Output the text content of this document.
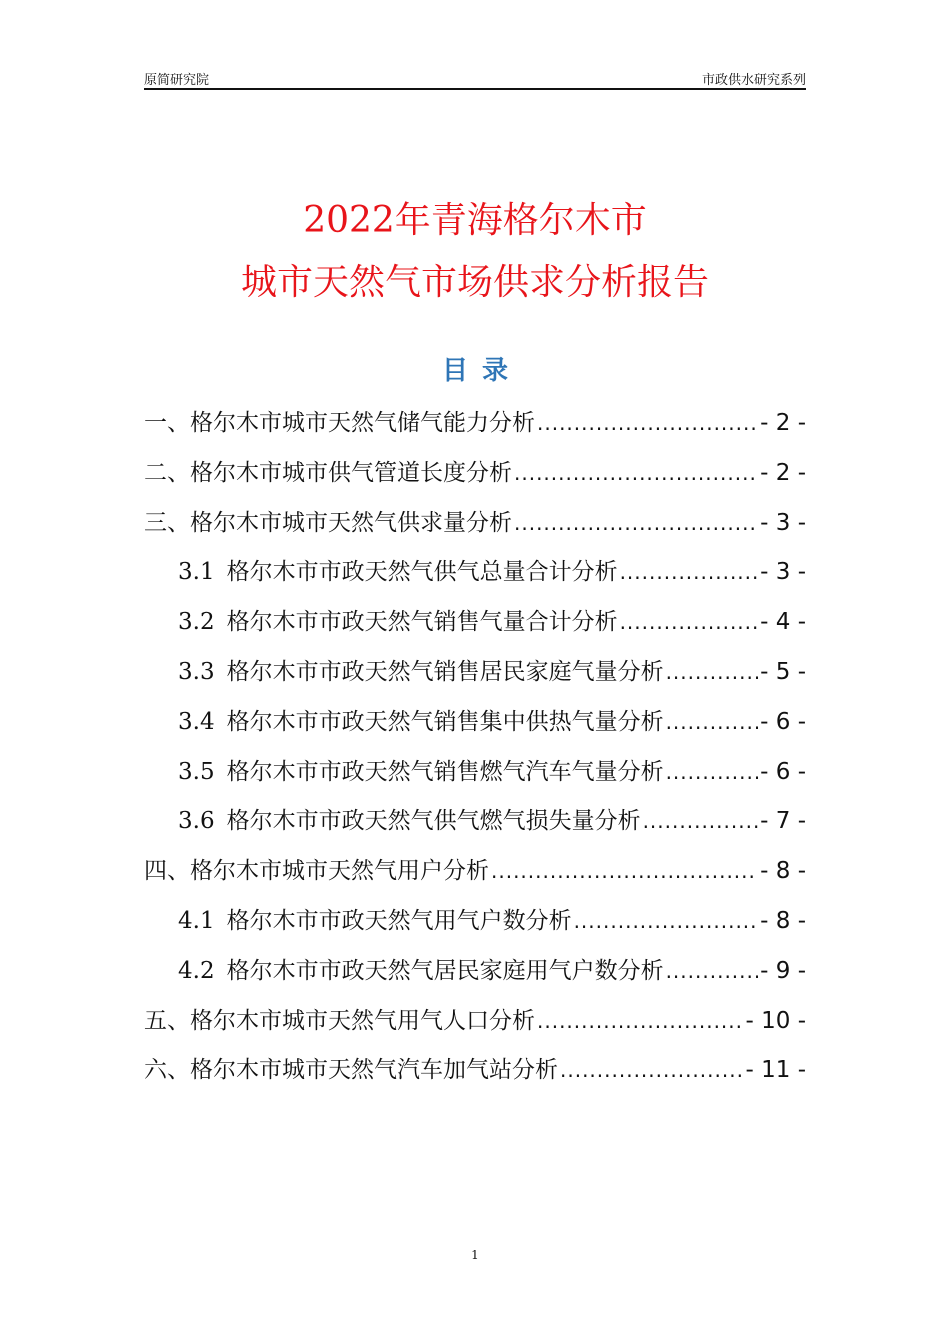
原简研究院	市政供水研究系列
2022年青海格尔木市
城市天然气市场供求分析报告
目录
一、格尔木市城市天然气储气能力分析 .....	- 2 -
二、格尔木市城市供气管道长度分析 .....	- 2 -
三、格尔木市城市天然气供求量分析 .....	- 3 -
3.1 格尔木市市政天然气供气总量合计分析 .....	- 3 -
3.2 格尔木市市政天然气销售气量合计分析 .....	- 4 -
3.3 格尔木市市政天然气销售居民家庭气量分析 .....	- 5 -
3.4 格尔木市市政天然气销售集中供热气量分析 .....	- 6 -
3.5 格尔木市市政天然气销售燃气汽车气量分析 .....	- 6 -
3.6 格尔木市市政天然气供气燃气损失量分析 .....	- 7 -
四、格尔木市城市天然气用户分析 .....	- 8 -
4.1 格尔木市市政天然气用气户数分析 .....	- 8 -
4.2 格尔木市市政天然气居民家庭用气户数分析 .....	- 9 -
五、格尔木市城市天然气用气人口分析 .....	- 10 -
六、格尔木市城市天然气汽车加气站分析 .....	- 11 -
1
